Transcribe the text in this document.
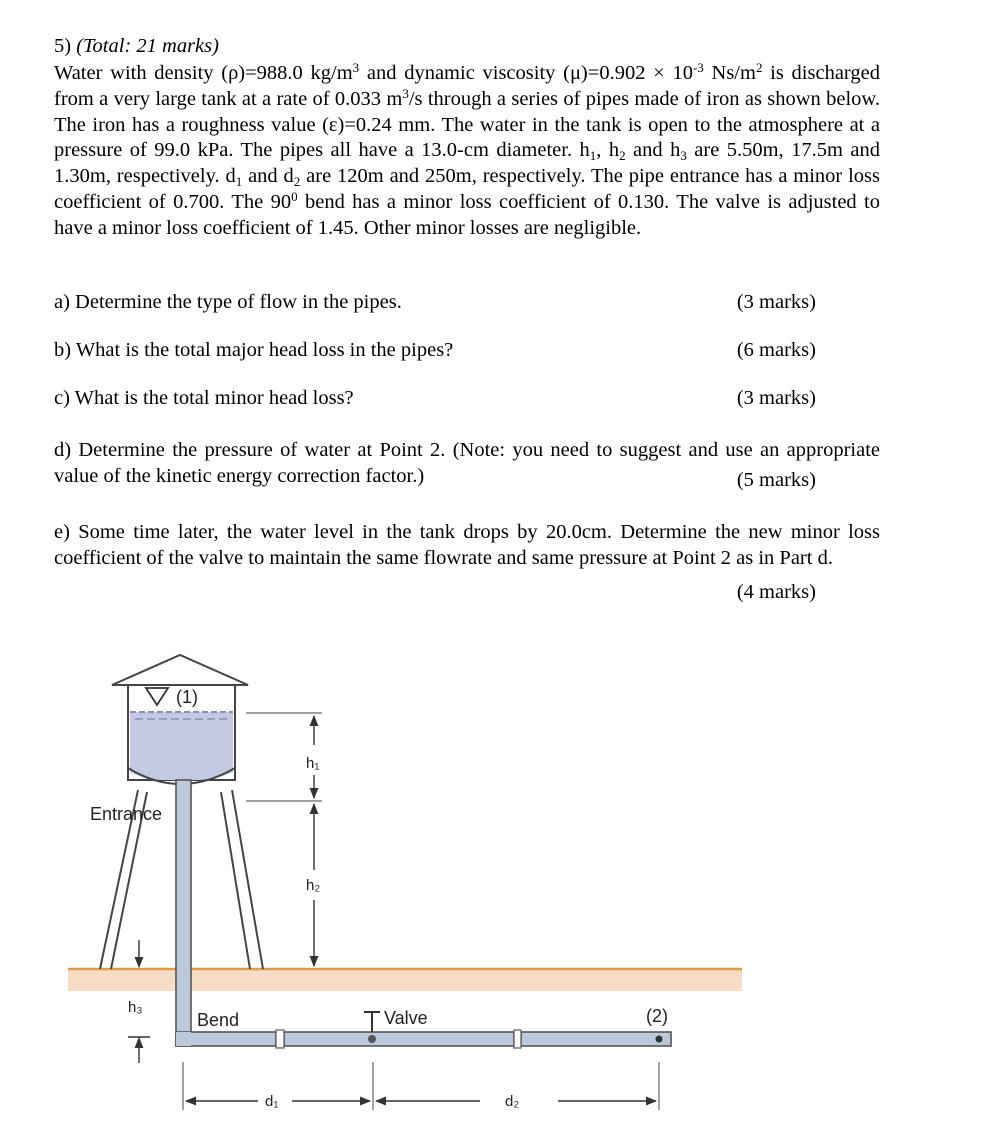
5) (Total: 21 marks)
Water with density (ρ)=988.0 $kg/m^3$ and dynamic viscosity $(\mu)=0.902 \times 10^{-3}$ $Ns/m^2$ is discharged from a very large tank at a rate of 0.033 $m^3/s$ through a series of pipes made of iron as shown below. The iron has a roughness value (ε)=0.24 mm. The water in the tank is open to the atmosphere at a pressure of 99.0 kPa. The pipes all have a 13.0-cm diameter. $h_1$, $h_2$ and $h_3$ are 5.50m, 17.5m and 1.30m, respectively. $d_1$ and $d_2$ are 120m and 250m, respectively. The pipe entrance has a minor loss coefficient of 0.700. The $90^0$ bend has a minor loss coefficient of 0.130. The valve is adjusted to have a minor loss coefficient of 1.45. Other minor losses are negligible.
a) Determine the type of flow in the pipes.	(3 marks)
b) What is the total major head loss in the pipes?	(6 marks)
c) What is the total minor head loss?	(3 marks)
d) Determine the pressure of water at Point 2. (Note: you need to suggest and use an appropriate value of the kinetic energy correction factor.)	(5 marks)
e) Some time later, the water level in the tank drops by 20.0cm. Determine the new minor loss coefficient of the valve to maintain the same flowrate and same pressure at Point 2 as in Part d.
(4 marks)
(1)
Valve	(2)
Entrance
Bend
h₁
h₂
h₃
d₁	d₂
